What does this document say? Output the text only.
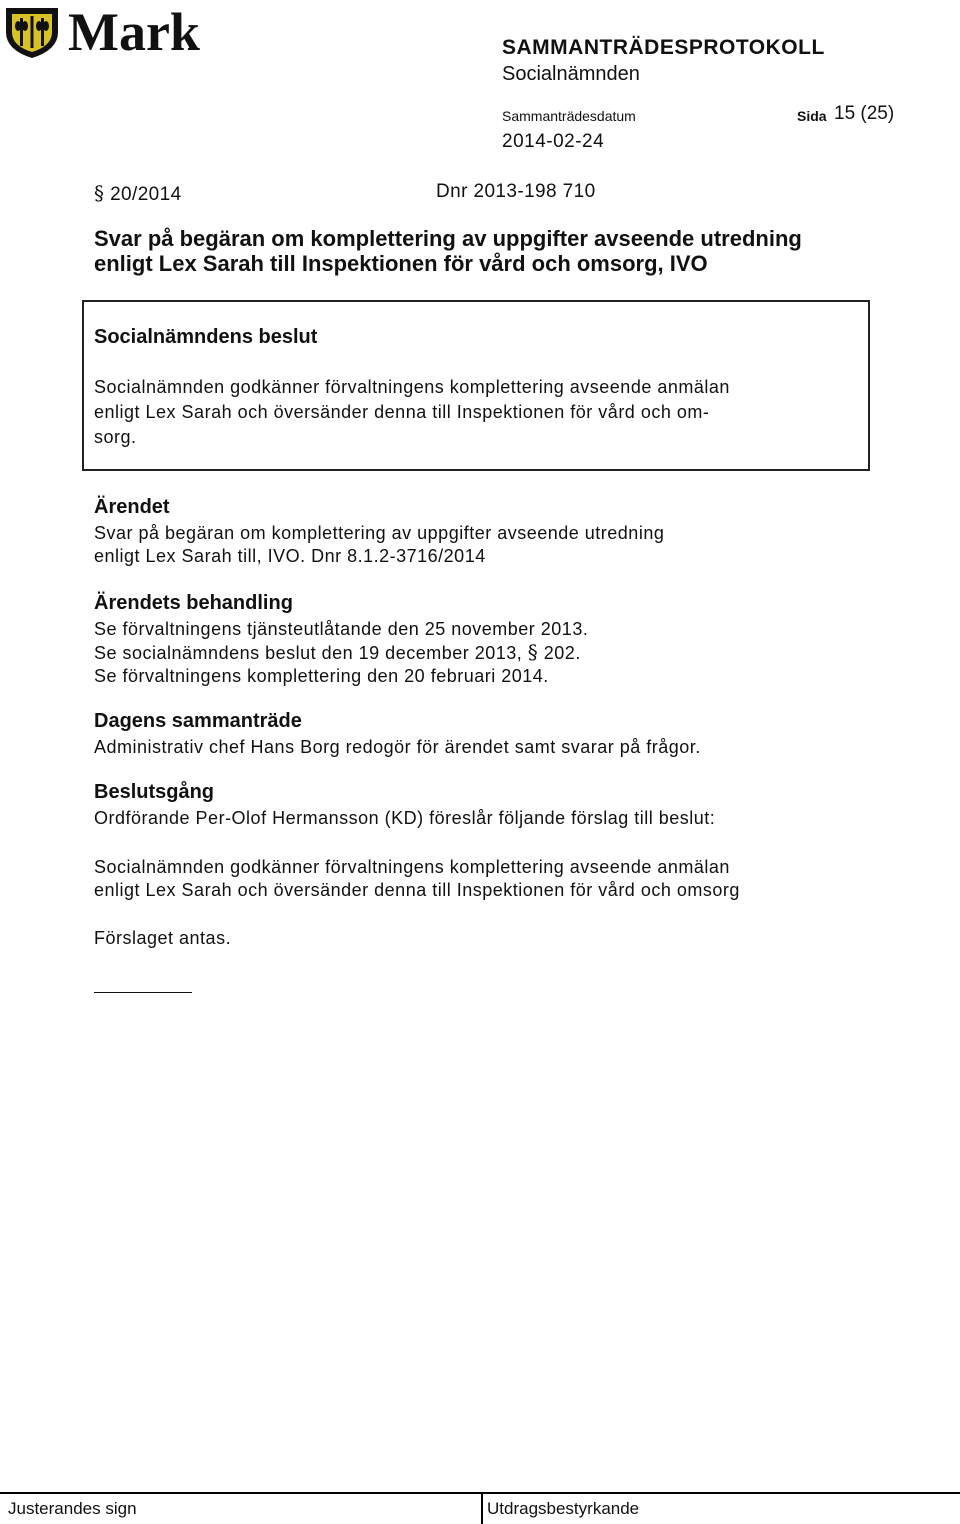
Mark	SAMMANTRÄDESPROTOKOLL
Socialnämnden
Sammanträdesdatum	Sida 15 (25)
2014-02-24
§ 20/2014	Dnr 2013-198 710
Svar på begäran om komplettering av uppgifter avseende utredning
enligt Lex Sarah till Inspektionen för vård och omsorg, IVO
Socialnämndens beslut
Socialnämnden godkänner förvaltningens komplettering avseende anmälan
enligt Lex Sarah och översänder denna till Inspektionen för vård och om-
sorg.
Ärendet
Svar på begäran om komplettering av uppgifter avseende utredning
enligt Lex Sarah till, IVO. Dnr 8.1.2-3716/2014
Ärendets behandling
Se förvaltningens tjänsteutlåtande den 25 november 2013.
Se socialnämndens beslut den 19 december 2013, § 202.
Se förvaltningens komplettering den 20 februari 2014.
Dagens sammanträde
Administrativ chef Hans Borg redogör för ärendet samt svarar på frågor.
Beslutsgång
Ordförande Per-Olof Hermansson (KD) föreslår följande förslag till beslut:
Socialnämnden godkänner förvaltningens komplettering avseende anmälan
enligt Lex Sarah och översänder denna till Inspektionen för vård och omsorg
Förslaget antas.
Justerandes sign	Utdragsbestyrkande
